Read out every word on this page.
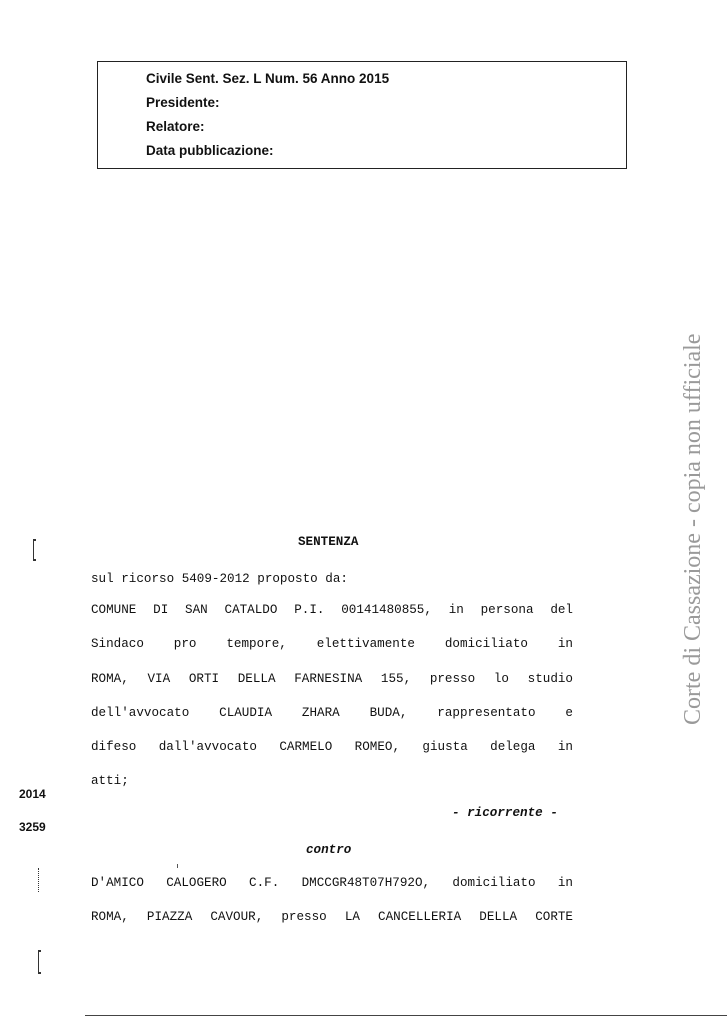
Civile Sent. Sez. L Num. 56 Anno 2015
Presidente:
Relatore:
Data pubblicazione:
Corte di Cassazione - copia non ufficiale
2014
3259
SENTENZA
sul ricorso 5409-2012 proposto da:
COMUNE DI SAN CATALDO P.I. 00141480855, in persona del
Sindaco pro tempore, elettivamente domiciliato in
ROMA, VIA ORTI DELLA FARNESINA 155, presso lo studio
dell'avvocato CLAUDIA ZHARA BUDA, rappresentato e
difeso dall'avvocato CARMELO ROMEO, giusta delega in
atti;
- ricorrente -
contro
D'AMICO CALOGERO C.F. DMCCGR48T07H792O, domiciliato in
ROMA, PIAZZA CAVOUR, presso LA CANCELLERIA DELLA CORTE
